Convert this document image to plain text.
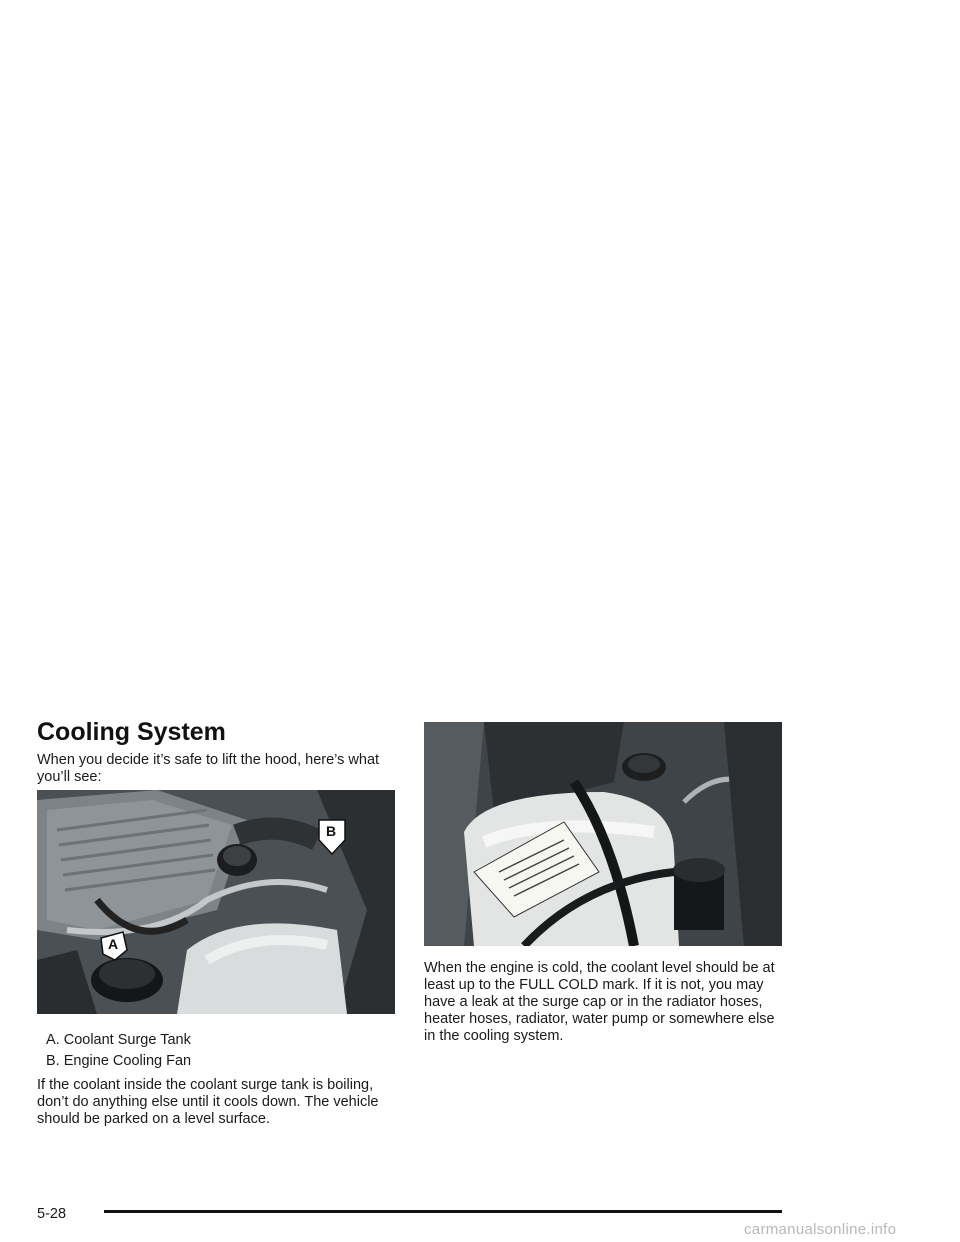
Cooling System
When you decide it’s safe to lift the hood, here’s what you’ll see:
A
B
A. Coolant Surge Tank
B. Engine Cooling Fan
If the coolant inside the coolant surge tank is boiling, don’t do anything else until it cools down. The vehicle should be parked on a level surface.
When the engine is cold, the coolant level should be at least up to the FULL COLD mark. If it is not, you may have a leak at the surge cap or in the radiator hoses, heater hoses, radiator, water pump or somewhere else in the cooling system.
5-28
carmanualsonline.info
